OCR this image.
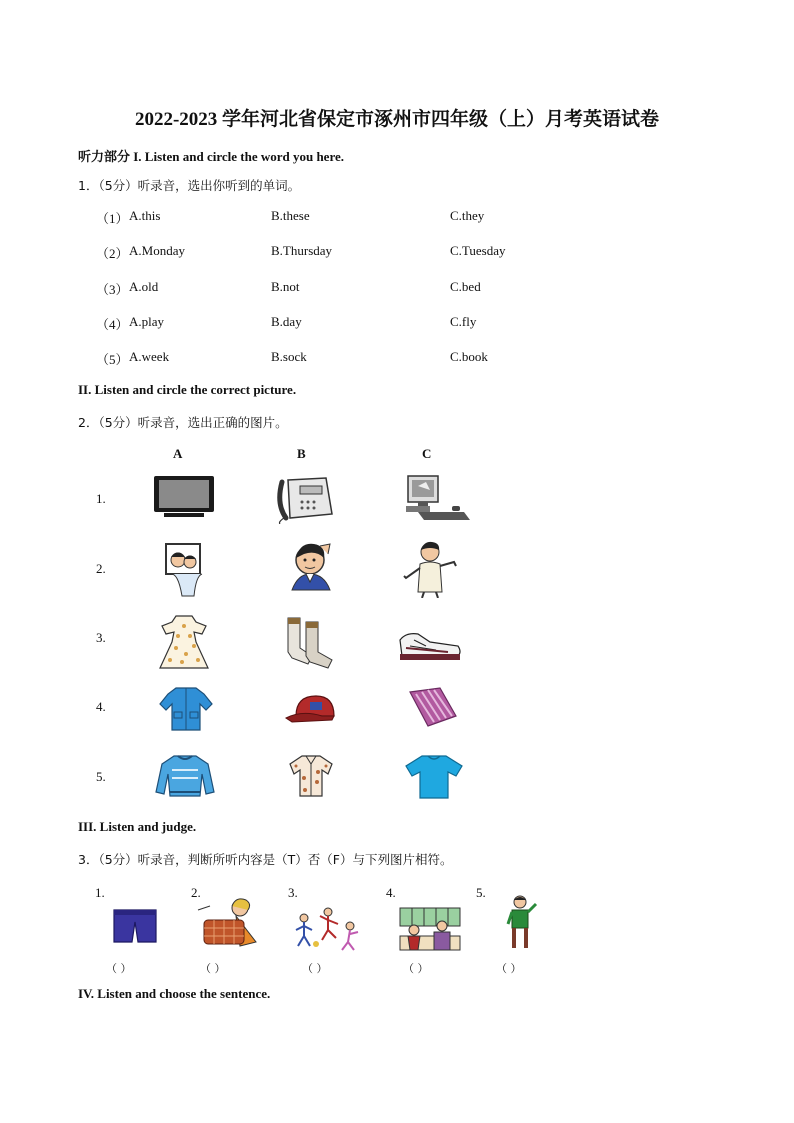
2022-2023 学年河北省保定市涿州市四年级（上）月考英语试卷
听力部分 I. Listen and circle the word you here.
1．（5分）听录音，选出你听到的单词。
（1） A.this	B.these	C.they
（2） A.Monday	B.Thursday	C.Tuesday
（3） A.old	B.not	C.bed
（4） A.play	B.day	C.fly
（5） A.week	B.sock	C.book
II. Listen and circle the correct picture.
2．（5分）听录音，选出正确的图片。
A	B	C
1.
2.
3.
4.
5.
III. Listen and judge.
3．（5分）听录音，判断所听内容是（T）否（F）与下列图片相符。
1.	2.	3.	4.	5.
（ ）	（ ）	（ ）	（ ）	（ ）
IV. Listen and choose the sentence.
